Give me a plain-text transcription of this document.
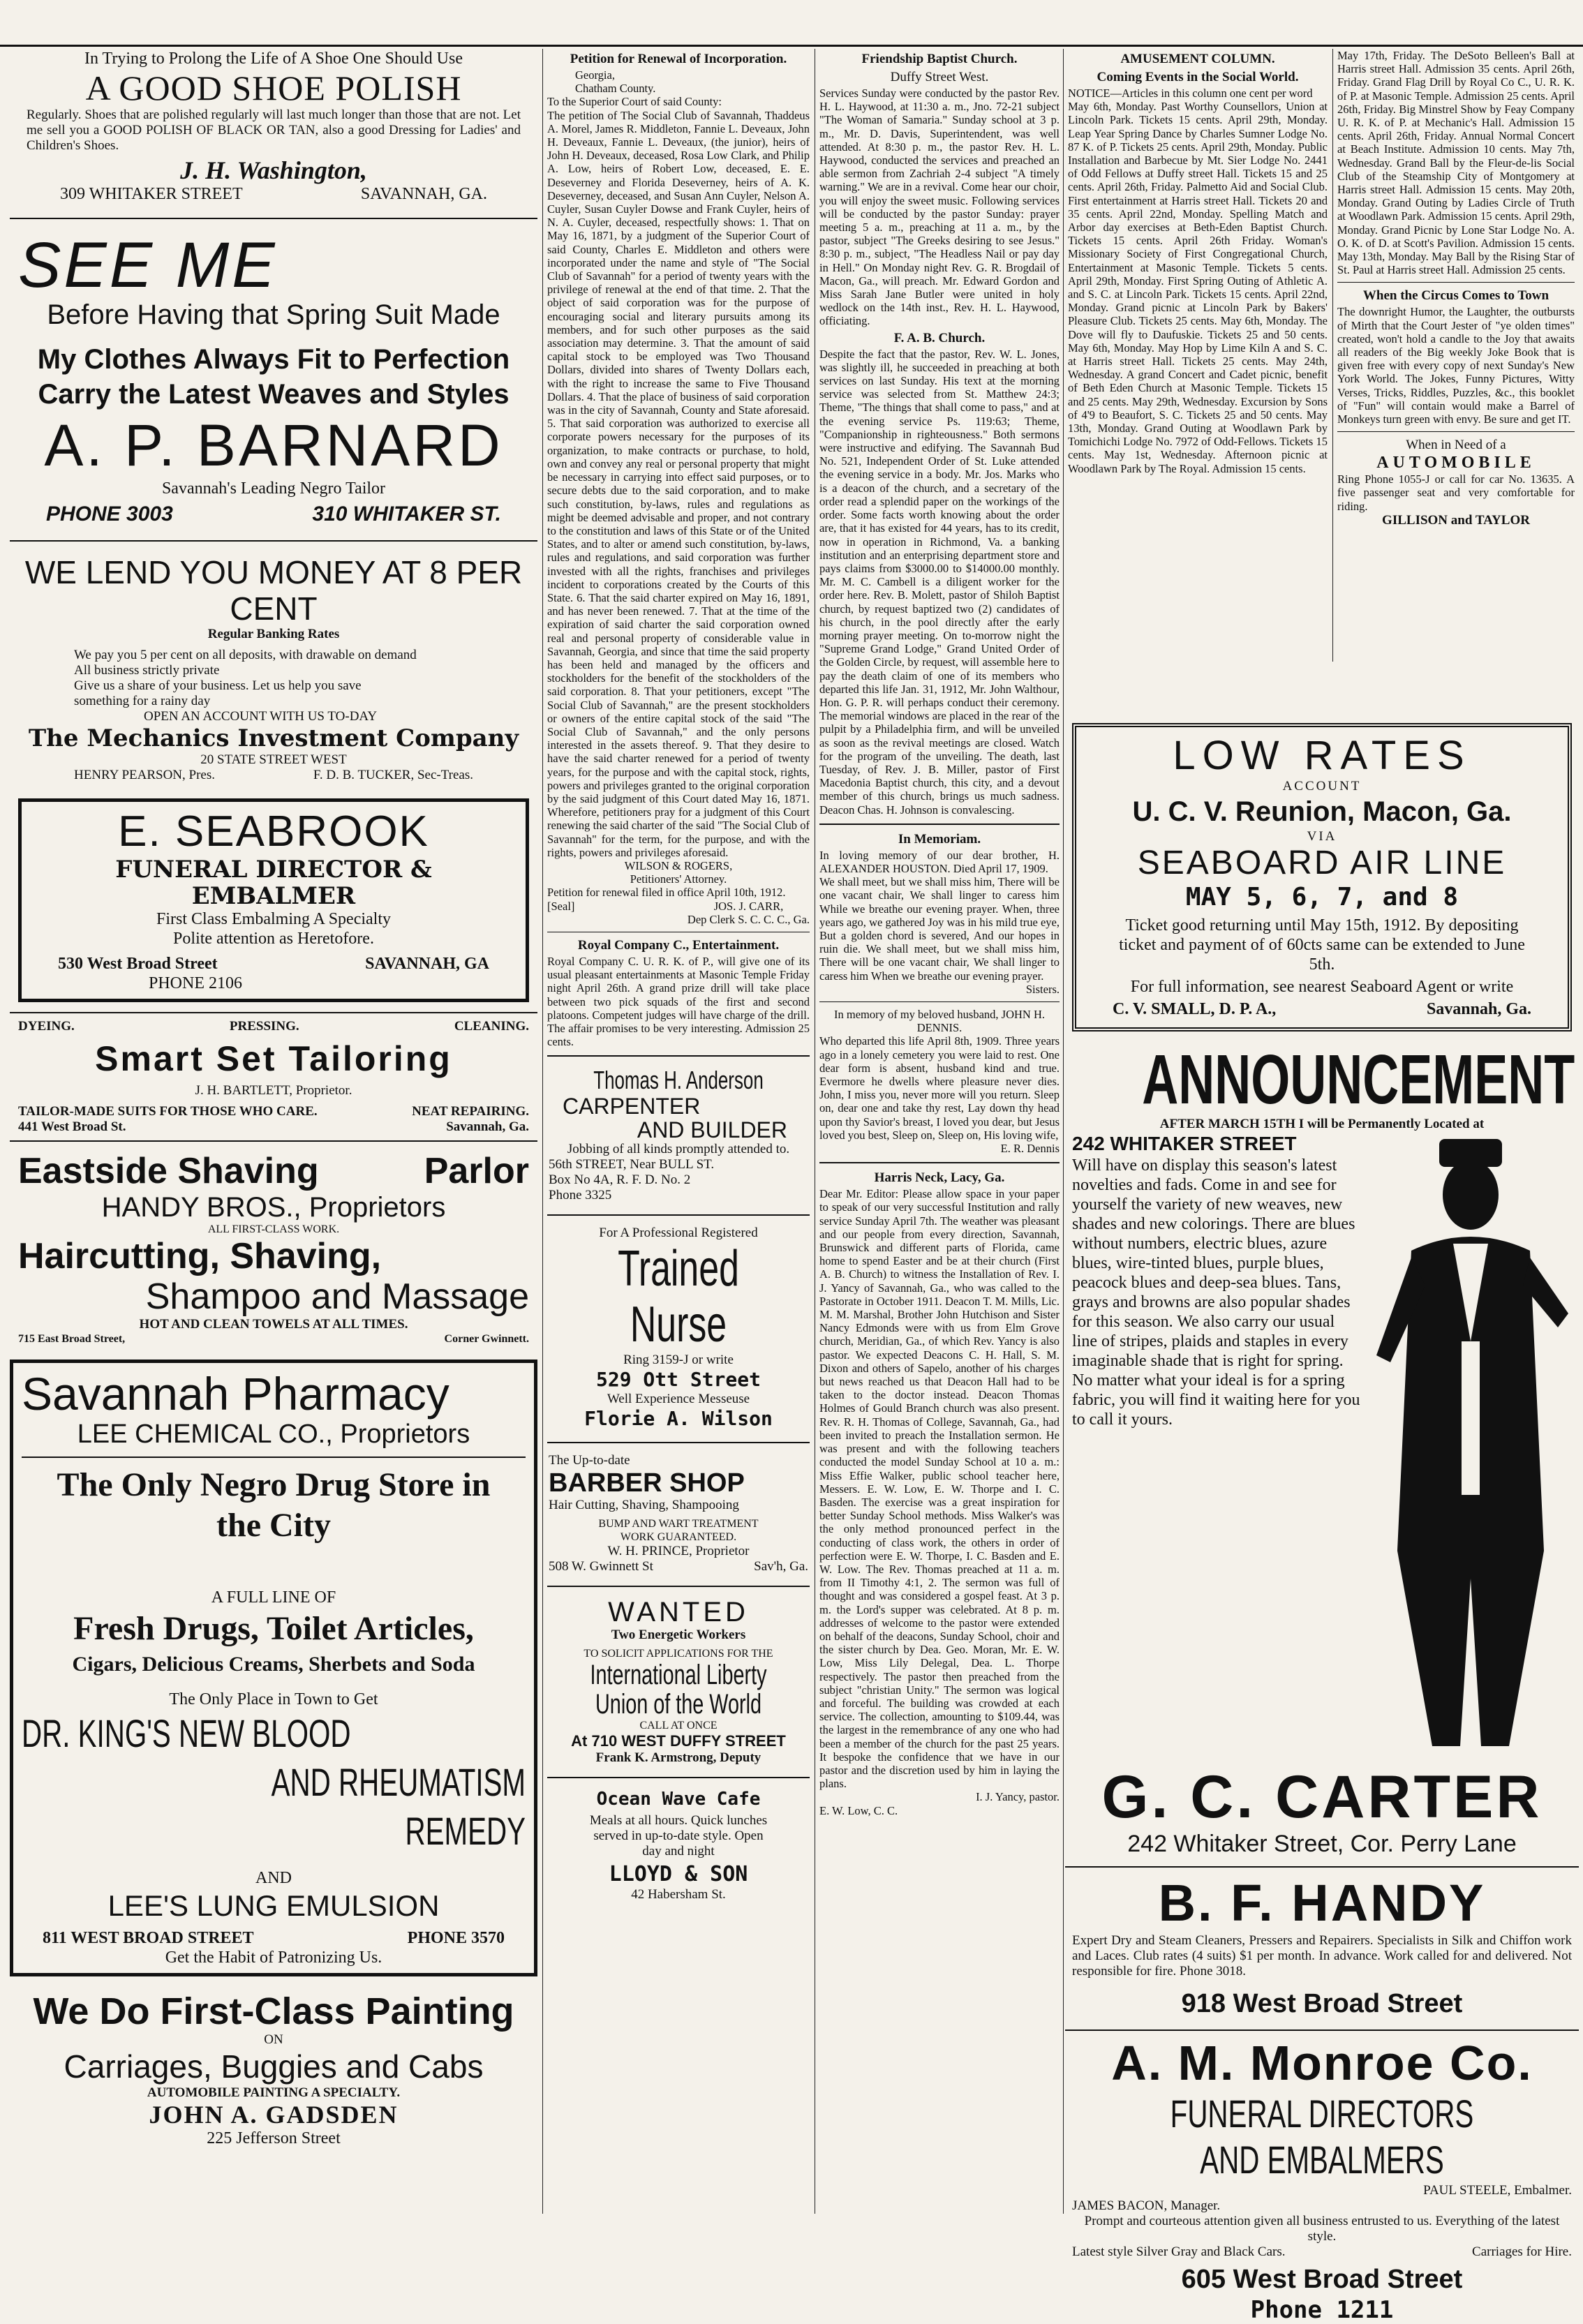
In Trying to Prolong the Life of A Shoe One Should Use
A GOOD SHOE POLISH
Regularly. Shoes that are polished regularly will last much longer than those that are not. Let me sell you a GOOD POLISH OF BLACK OR TAN, also a good Dressing for Ladies' and Children's Shoes.
J. H. Washington,
309 WHITAKER STREET	SAVANNAH, GA.
SEE ME
Before Having that Spring Suit Made
My Clothes Always Fit to Perfection
Carry the Latest Weaves and Styles
A. P. BARNARD
Savannah's Leading Negro Tailor
PHONE 3003	310 WHITAKER ST.
WE LEND YOU MONEY AT 8 PER CENT
Regular Banking Rates
We pay you 5 per cent on all deposits, with drawable on demand
All business strictly private
Give us a share of your business. Let us help you save
something for a rainy day
OPEN AN ACCOUNT WITH US TO-DAY
The Mechanics Investment Company
20 STATE STREET WEST
HENRY PEARSON, Pres.	F. D. B. TUCKER, Sec-Treas.
E. SEABROOK
FUNERAL DIRECTOR & EMBALMER
First Class Embalming A Specialty
Polite attention as Heretofore.
530 West Broad Street	SAVANNAH, GA
PHONE 2106
DYEING.	PRESSING.	CLEANING.
Smart Set Tailoring
J. H. BARTLETT, Proprietor.
TAILOR-MADE SUITS FOR THOSE WHO CARE.	NEAT REPAIRING.
441 West Broad St.	Savannah, Ga.
Eastside Shaving	Parlor
HANDY BROS., Proprietors
ALL FIRST-CLASS WORK.
Haircutting, Shaving,
Shampoo and Massage
HOT AND CLEAN TOWELS AT ALL TIMES.
715 East Broad Street,	Corner Gwinnett.
Savannah Pharmacy
LEE CHEMICAL CO., Proprietors
The Only Negro Drug Store in
the City
A FULL LINE OF
Fresh Drugs, Toilet Articles,
Cigars, Delicious Creams, Sherbets and Soda
The Only Place in Town to Get
DR. KING'S NEW BLOOD
AND RHEUMATISM REMEDY
AND
LEE'S LUNG EMULSION
811 WEST BROAD STREET	PHONE 3570
Get the Habit of Patronizing Us.
We Do First-Class Painting
ON
Carriages, Buggies and Cabs
AUTOMOBILE PAINTING A SPECIALTY.
JOHN A. GADSDEN
225 Jefferson Street
Petition for Renewal of Incorporation.
Georgia,
Chatham County.
To the Superior Court of said County:

The petition of The Social Club of Savannah, Thaddeus A. Morel, James R. Middleton, Fannie L. Deveaux, John H. Deveaux, Fannie L. Deveaux, (the junior), heirs of John H. Deveaux, deceased, Rosa Low Clark, and Philip A. Low, heirs of Robert Low, deceased, E. E. Deseverney and Florida Deseverney, heirs of A. K. Deseverney, deceased, and Susan Ann Cuyler, Nelson A. Cuyler, Susan Cuyler Dowse and Frank Cuyler, heirs of N. A. Cuyler, deceased, respectfully shows: 1. That on May 16, 1871, by a judgment of the Superior Court of said County, Charles E. Middleton and others were incorporated under the name and style of "The Social Club of Savannah" for a period of twenty years with the privilege of renewal at the end of that time. 2. That the object of said corporation was for the purpose of encouraging social and literary pursuits among its members, and for such other purposes as the said association may determine. 3. That the amount of said capital stock to be employed was Two Thousand Dollars, divided into shares of Twenty Dollars each, with the right to increase the same to Five Thousand Dollars. 4. That the place of business of said corporation was in the city of Savannah, County and State aforesaid. 5. That said corporation was authorized to exercise all corporate powers necessary for the purposes of its organization, to make contracts or purchase, to hold, own and convey any real or personal property that might be necessary in carrying into effect said purposes, or to secure debts due to the said corporation, and to make such constitution, by-laws, rules and regulations as might be deemed advisable and proper, and not contrary to the constitution and laws of this State or of the United States, and to alter or amend such constitution, by-laws, rules and regulations, and said corporation was further invested with all the rights, franchises and privileges incident to corporations created by the Courts of this State. 6. That the said charter expired on May 16, 1891, and has never been renewed. 7. That at the time of the expiration of said charter the said corporation owned real and personal property of considerable value in Savannah, Georgia, and since that time the said property has been held and managed by the officers and stockholders for the benefit of the stockholders of the said corporation. 8. That your petitioners, except "The Social Club of Savannah," are the present stockholders or owners of the entire capital stock of the said "The Social Club of Savannah," and the only persons interested in the assets thereof. 9. That they desire to have the said charter renewed for a period of twenty years, for the purpose and with the capital stock, rights, powers and privileges granted to the original corporation by the said judgment of this Court dated May 16, 1871. Wherefore, petitioners pray for a judgment of this Court renewing the said charter of the said "The Social Club of Savannah" for the term, for the purpose, and with the rights, powers and privileges aforesaid.

WILSON & ROGERS,
Petitioners' Attorney.
Petition for renewal filed in office April 10th, 1912.
[Seal]	JOS. J. CARR,
Dep Clerk S. C. C. C., Ga.
Royal Company C., Entertainment.

Royal Company C. U. R. K. of P., will give one of its usual pleasant entertainments at Masonic Temple Friday night April 26th. A grand prize drill will take place between two pick squads of the first and second platoons. Competent judges will have charge of the drill. The affair promises to be very interesting. Admission 25 cents.

Thomas H. Anderson
CARPENTER
AND BUILDER
Jobbing of all kinds promptly attended to.
56th STREET, Near BULL ST.
Box No 4A, R. F. D. No. 2
Phone 3325
For A Professional Registered
Trained Nurse
Ring 3159-J or write
529 Ott Street
Well Experience Messeuse
Florie A. Wilson
The Up-to-date
BARBER SHOP
Hair Cutting, Shaving, Shampooing
BUMP AND WART TREATMENT
WORK GUARANTEED.
W. H. PRINCE, Proprietor
508 W. Gwinnett St	Sav'h, Ga.
WANTED
Two Energetic Workers
TO SOLICIT APPLICATIONS FOR THE
International Liberty
Union of the World
CALL AT ONCE
At 710 WEST DUFFY STREET
Frank K. Armstrong, Deputy
Ocean Wave Cafe
Meals at all hours. Quick lunches served in up-to-date style. Open day and night
LLOYD & SON
42 Habersham St.
Friendship Baptist Church.
Duffy Street West.

Services Sunday were conducted by the pastor Rev. H. L. Haywood, at 11:30 a. m., Jno. 72-21 subject "The Woman of Samaria." Sunday school at 3 p. m., Mr. D. Davis, Superintendent, was well attended. At 8:30 p. m., the pastor Rev. H. L. Haywood, conducted the services and preached an able sermon from Zachriah 2-4 subject "A timely warning." We are in a revival. Come hear our choir, you will enjoy the sweet music. Following services will be conducted by the pastor Sunday: prayer meeting 5 a. m., preaching at 11 a. m., by the pastor, subject "The Greeks desiring to see Jesus." 8:30 p. m., subject, "The Headless Nail or pay day in Hell." On Monday night Rev. G. R. Brogdail of Macon, Ga., will preach. Mr. Edward Gordon and Miss Sarah Jane Butler were united in holy wedlock on the 14th inst., Rev. H. L. Haywood, officiating.

F. A. B. Church.

Despite the fact that the pastor, Rev. W. L. Jones, was slightly ill, he succeeded in preaching at both services on last Sunday. His text at the morning service was selected from St. Matthew 24:3; Theme, "The things that shall come to pass," and at the evening service Ps. 119:63; Theme, "Companionship in righteousness." Both sermons were instructive and edifying. The Savannah Bud No. 521, Independent Order of St. Luke attended the evening service in a body. Mr. Jos. Marks who is a deacon of the church, and a secretary of the order read a splendid paper on the workings of the order. Some facts worth knowing about the order are, that it has existed for 44 years, has to its credit, now in operation in Richmond, Va. a banking institution and an enterprising department store and pays claims from $3000.00 to $14000.00 monthly. Mr. M. C. Cambell is a diligent worker for the order here. Rev. B. Molett, pastor of Shiloh Baptist church, by request baptized two (2) candidates of his church, in the pool directly after the early morning prayer meeting. On to-morrow night the "Supreme Grand Lodge," Grand United Order of the Golden Circle, by request, will assemble here to pay the death claim of one of its members who departed this life Jan. 31, 1912, Mr. John Walthour, Hon. G. P. R. will perhaps conduct their ceremony. The memorial windows are placed in the rear of the pulpit by a Philadelphia firm, and will be unveiled as soon as the revival meetings are closed. Watch for the program of the unveiling. The death, last Tuesday, of Rev. J. B. Miller, pastor of First Macedonia Baptist church, this city, and a devout member of this church, brings us much sadness. Deacon Chas. H. Johnson is convalescing.

In Memoriam.

In loving memory of our dear brother, H. ALEXANDER HOUSTON. Died April 17, 1909.

We shall meet, but we shall miss him, There will be one vacant chair, We shall linger to caress him While we breathe our evening prayer. When, three years ago, we gathered Joy was in his mild true eye, But a golden chord is severed, And our hopes in ruin die. We shall meet, but we shall miss him, There will be one vacant chair, We shall linger to caress him When we breathe our evening prayer.

Sisters.

In memory of my beloved husband, JOHN H. DENNIS.

Who departed this life April 8th, 1909. Three years ago in a lonely cemetery you were laid to rest. One dear form is absent, husband kind and true. Evermore he dwells where pleasure never dies. John, I miss you, never more will you return. Sleep on, dear one and take thy rest, Lay down thy head upon thy Savior's breast, I loved you dear, but Jesus loved you best, Sleep on, Sleep on, His loving wife,

E. R. Dennis
Harris Neck, Lacy, Ga.

Dear Mr. Editor: Please allow space in your paper to speak of our very successful Institution and rally service Sunday April 7th. The weather was pleasant and our people from every direction, Savannah, Brunswick and different parts of Florida, came home to spend Easter and be at their church (First A. B. Church) to witness the Installation of Rev. I. J. Yancy of Savannah, Ga., who was called to the Pastorate in October 1911. Deacon T. M. Mills, Lic. M. M. Marshal, Brother John Hutchison and Sister Nancy Edmonds were with us from Elm Grove church, Meridian, Ga., of which Rev. Yancy is also pastor. We expected Deacons C. H. Hall, S. M. Dixon and others of Sapelo, another of his charges but news reached us that Deacon Hall had to be taken to the doctor instead. Deacon Thomas Holmes of Gould Branch church was also present. Rev. R. H. Thomas of College, Savannah, Ga., had been invited to preach the Installation sermon. He was present and with the following teachers conducted the model Sunday School at 10 a. m.: Miss Effie Walker, public school teacher here, Messers. E. W. Low, E. W. Thorpe and I. C. Basden. The exercise was a great inspiration for better Sunday School methods. Miss Walker's was the only method pronounced perfect in the conducting of class work, the others in order of perfection were E. W. Thorpe, I. C. Basden and E. W. Low. The Rev. Thomas preached at 11 a. m. from II Timothy 4:1, 2. The sermon was full of thought and was considered a gospel feast. At 3 p. m. the Lord's supper was celebrated. At 8 p. m. addresses of welcome to the pastor were extended on behalf of the deacons, Sunday School, choir and the sister church by Dea. Geo. Moran, Mr. E. W. Low, Miss Lily Delegal, Dea. L. Thorpe respectively. The pastor then preached from the subject "christian Unity." The sermon was logical and forceful. The building was crowded at each service. The collection, amounting to $109.44, was the largest in the remembrance of any one who had been a member of the church for the past 25 years. It bespoke the confidence that we have in our pastor and the discretion used by him in laying the plans.

I. J. Yancy, pastor.
E. W. Low, C. C.
AMUSEMENT COLUMN.
Coming Events in the Social World.

NOTICE—Articles in this column one cent per word

May 6th, Monday. Past Worthy Counsellors, Union at Lincoln Park. Tickets 15 cents. April 29th, Monday. Leap Year Spring Dance by Charles Sumner Lodge No. 87 K. of P. Tickets 25 cents. April 29th, Monday. Public Installation and Barbecue by Mt. Sier Lodge No. 2441 of Odd Fellows at Duffy street Hall. Tickets 15 and 25 cents. April 26th, Friday. Palmetto Aid and Social Club. First entertainment at Harris street Hall. Tickets 20 and 35 cents. April 22nd, Monday. Spelling Match and Arbor day exercises at Beth-Eden Baptist Church. Tickets 15 cents. April 26th Friday. Woman's Missionary Society of First Congregational Church, Entertainment at Masonic Temple. Tickets 5 cents. April 29th, Monday. First Spring Outing of Athletic A. and S. C. at Lincoln Park. Tickets 15 cents. April 22nd, Monday. Grand picnic at Lincoln Park by Bakers' Pleasure Club. Tickets 25 cents. May 6th, Monday. The Dove will fly to Daufuskie. Tickets 25 and 50 cents. May 6th, Monday. May Hop by Lime Kiln A and S. C. at Harris street Hall. Tickets 25 cents. May 24th, Wednesday. A grand Concert and Cadet picnic, benefit of Beth Eden Church at Masonic Temple. Tickets 15 and 25 cents. May 29th, Wednesday. Excursion by Sons of 4'9 to Beaufort, S. C. Tickets 25 and 50 cents. May 13th, Monday. Grand Outing at Woodlawn Park by Tomichichi Lodge No. 7972 of Odd-Fellows. Tickets 15 cents. May 1st, Wednesday. Afternoon picnic at Woodlawn Park by The Royal. Admission 15 cents.

May 17th, Friday. The DeSoto Belleen's Ball at Harris street Hall. Admission 35 cents. April 26th, Friday. Grand Flag Drill by Royal Co C., U. R. K. of P. at Masonic Temple. Admission 25 cents. April 26th, Friday. Big Minstrel Show by Feay Company U. R. K. of P. at Mechanic's Hall. Admission 15 cents. April 26th, Friday. Annual Normal Concert at Beach Institute. Admission 10 cents. May 7th, Wednesday. Grand Ball by the Fleur-de-lis Social Club of the Steamship City of Montgomery at Harris street Hall. Admission 15 cents. May 20th, Monday. Grand Outing by Ladies Circle of Truth at Woodlawn Park. Admission 15 cents. April 29th, Monday. Grand Picnic by Lone Star Lodge No. A. O. K. of D. at Scott's Pavilion. Admission 15 cents. May 13th, Monday. May Ball by the Rising Star of St. Paul at Harris street Hall. Admission 25 cents.

When the Circus Comes to Town

The downright Humor, the Laughter, the outbursts of Mirth that the Court Jester of "ye olden times" created, won't hold a candle to the Joy that awaits all readers of the Big weekly Joke Book that is given free with every copy of next Sunday's New York World. The Jokes, Funny Pictures, Witty Verses, Tricks, Riddles, Puzzles, &c., this booklet of "Fun" will contain would make a Barrel of Monkeys turn green with envy. Be sure and get IT.

When in Need of a
AUTOMOBILE

Ring Phone 1055-J or call for car No. 13635. A five passenger seat and very comfortable for riding.

GILLISON and TAYLOR
LOW RATES
ACCOUNT
U. C. V. Reunion, Macon, Ga.
VIA
SEABOARD AIR LINE
MAY 5, 6, 7, and 8
Ticket good returning until May 15th, 1912. By depositing ticket and payment of of 60cts same can be extended to June 5th.
For full information, see nearest Seaboard Agent or write
C. V. SMALL, D. P. A.,	Savannah, Ga.
ANNOUNCEMENT
AFTER MARCH 15TH I will be Permanently Located at
242 WHITAKER STREET
Will have on display this season's latest novelties and fads. Come in and see for yourself the variety of new weaves, new shades and new colorings. There are blues without numbers, electric blues, azure blues, wire-tinted blues, purple blues, peacock blues and deep-sea blues. Tans, grays and browns are also popular shades for this season. We also carry our usual line of stripes, plaids and staples in every imaginable shade that is right for spring. No matter what your ideal is for a spring fabric, you will find it waiting here for you to call it yours.
G. C. CARTER
242 Whitaker Street, Cor. Perry Lane
B. F. HANDY
Expert Dry and Steam Cleaners, Pressers and Repairers. Specialists in Silk and Chiffon work and Laces. Club rates (4 suits) $1 per month. In advance. Work called for and delivered. Not responsible for fire. Phone 3018.
918 West Broad Street
A. M. Monroe Co.
FUNERAL DIRECTORS AND EMBALMERS
PAUL STEELE, Embalmer.
JAMES BACON, Manager.
Prompt and courteous attention given all business entrusted to us. Everything of the latest style.
Latest style Silver Gray and Black Cars.	Carriages for Hire.
605 West Broad Street
Phone 1211
